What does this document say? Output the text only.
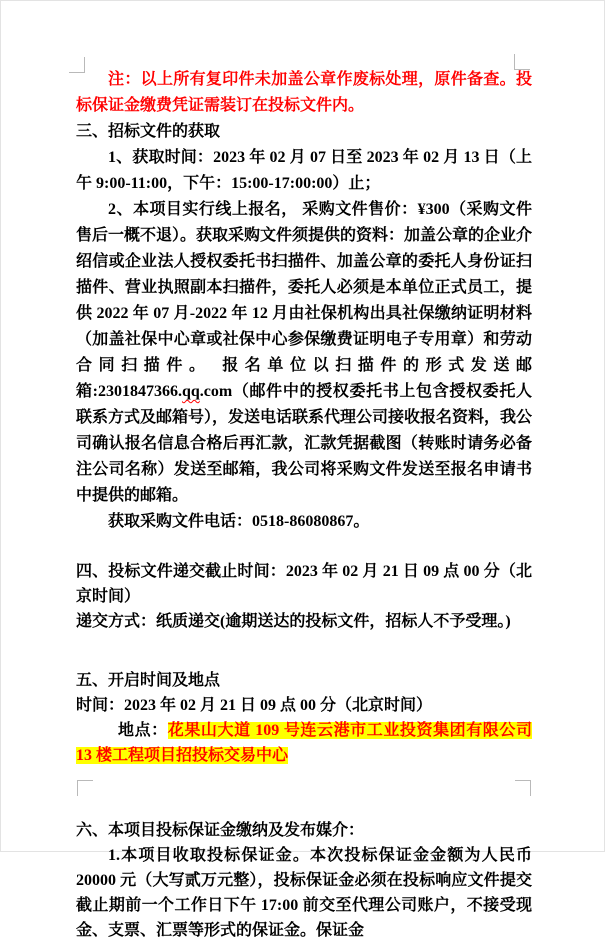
注：以上所有复印件未加盖公章作废标处理，原件备查。投标保证金缴费凭证需装订在投标文件内。

三、招标文件的获取

1、获取时间：2023 年 02 月 07 日至 2023 年 02 月 13 日（上午 9:00-11:00，下午：15:00-17:00:00）止；

2、本项目实行线上报名， 采购文件售价：¥300（采购文件售后一概不退）。获取采购文件须提供的资料：加盖公章的企业介绍信或企业法人授权委托书扫描件、加盖公章的委托人身份证扫描件、营业执照副本扫描件，委托人必须是本单位正式员工，提供 2022 年 07 月-2022 年 12 月由社保机构出具社保缴纳证明材料（加盖社保中心章或社保中心参保缴费证明电子专用章）和劳动合同扫描件。 报名单位以扫描件的形式发送邮箱:2301847366.qq.com（邮件中的授权委托书上包含授权委托人联系方式及邮箱号），发送电话联系代理公司接收报名资料，我公司确认报名信息合格后再汇款，汇款凭据截图（转账时请务必备注公司名称）发送至邮箱，我公司将采购文件发送至报名申请书中提供的邮箱。

获取采购文件电话：0518-86080867。

四、投标文件递交截止时间：2023 年 02 月 21 日 09 点 00 分（北京时间）

递交方式：纸质递交(逾期送达的投标文件，招标人不予受理。)

五、开启时间及地点

时间：2023 年 02 月 21 日 09 点 00 分（北京时间）

地点：花果山大道 109 号连云港市工业投资集团有限公司 13 楼工程项目招投标交易中心

六、本项目投标保证金缴纳及发布媒介：

1.本项目收取投标保证金。本次投标保证金金额为人民币 20000 元（大写贰万元整），投标保证金必须在投标响应文件提交截止期前一个工作日下午 17:00 前交至代理公司账户，不接受现金、支票、汇票等形式的保证金。保证金
